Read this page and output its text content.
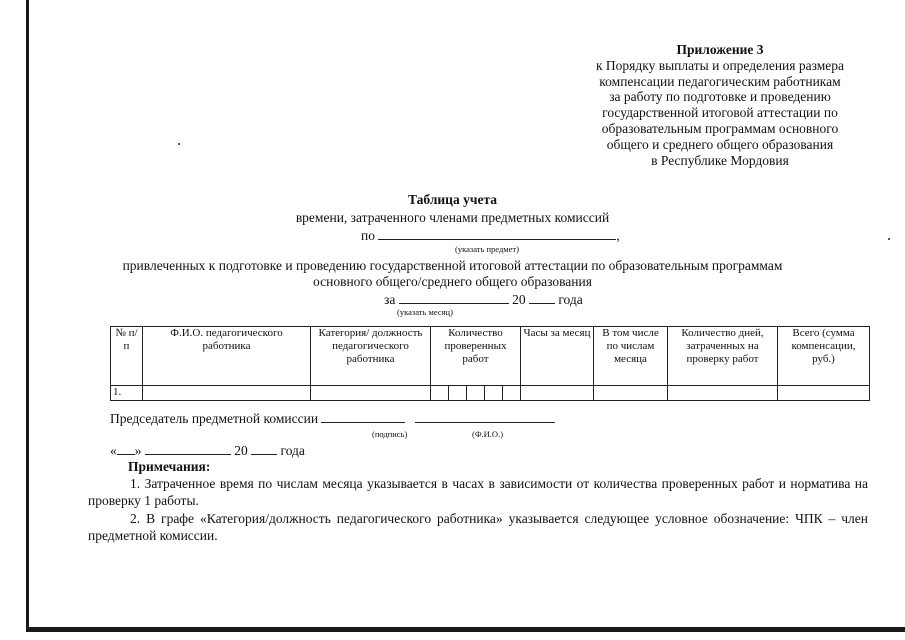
Приложение 3
к Порядку выплаты и определения размера
компенсации педагогическим работникам
за работу по подготовке и проведению
государственной итоговой аттестации по
образовательным программам основного
общего и среднего общего образования
в Республике Мордовия
Таблица учета
времени, затраченного членами предметных комиссий
по	,
(указать предмет)
привлеченных к подготовке и проведению государственной итоговой аттестации по образовательным программам
основного общего/среднего общего образования
за	20 года
(указать месяц)
№ п/п	Ф.И.О. педагогического работника	Категория/ должность педагогического работника	Количество проверенных работ	Часы за месяц	В том числе по числам месяца	Количество дней, затраченных на проверку работ	Всего (сумма компенсации, руб.)
1.			

Председатель предметной комиссии
(подпись)	(Ф.И.О.)
« »	20 года
Примечания:
1. Затраченное время по числам месяца указывается в часах в зависимости от количества проверенных работ и норматива на проверку 1 работы.
2. В графе «Категория/должность педагогического работника» указывается следующее условное обозначение: ЧПК – член предметной комиссии.
